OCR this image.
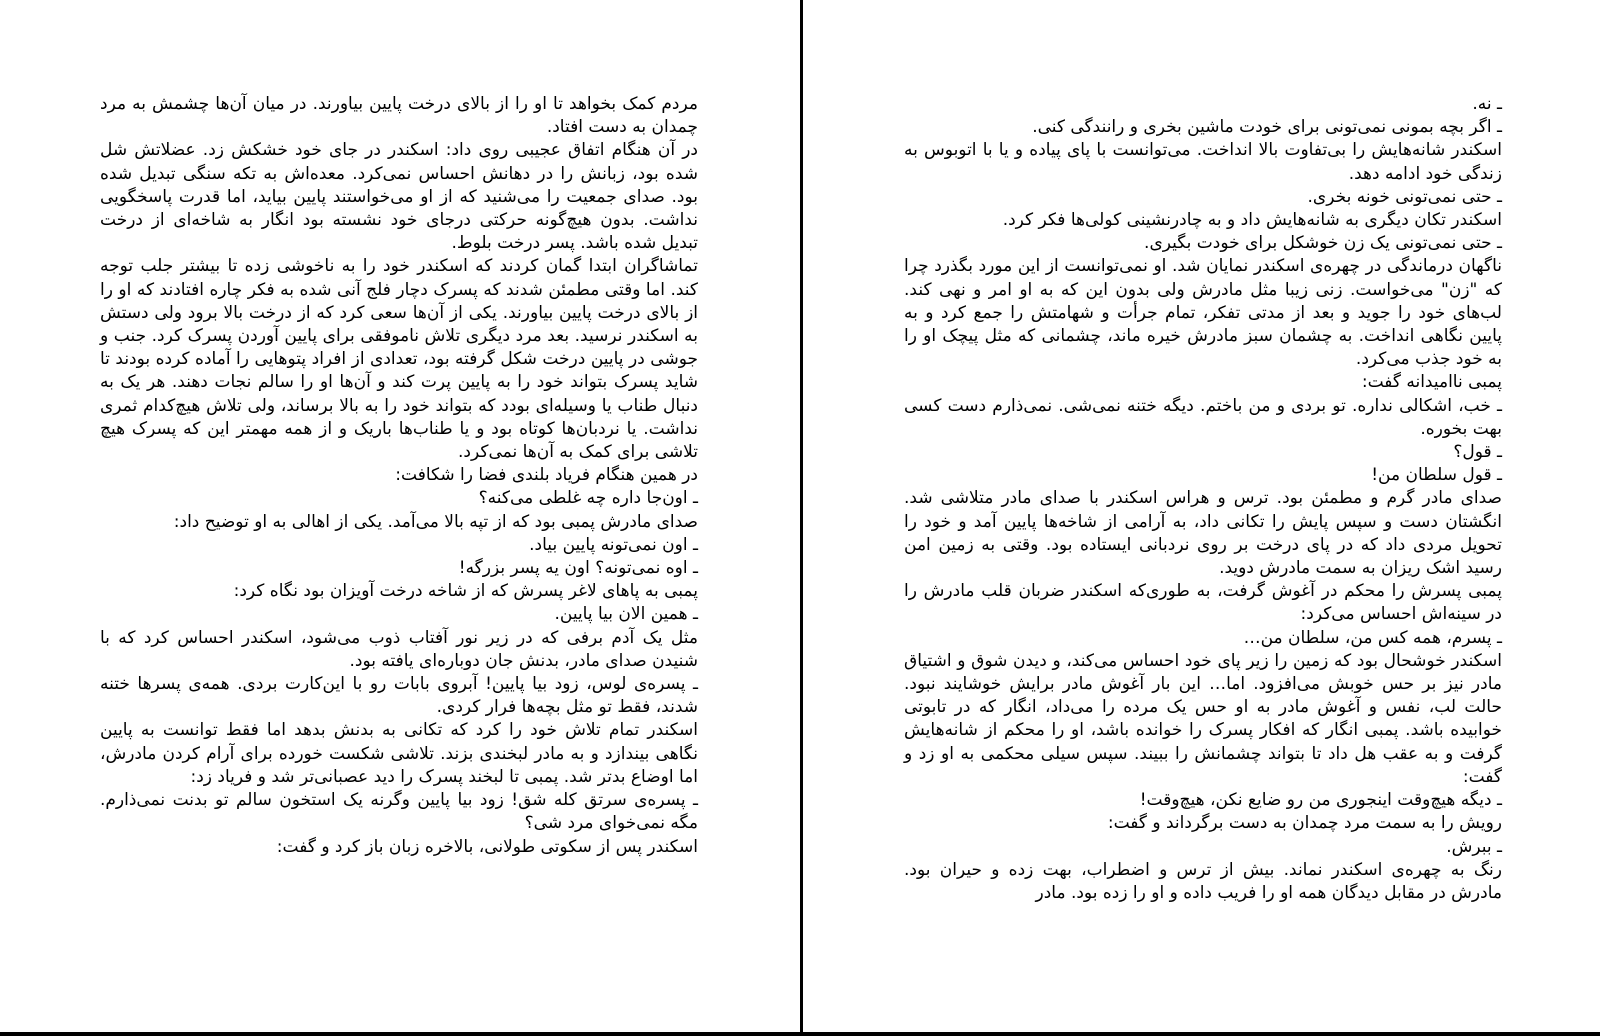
مردم کمک بخواهد تا او را از بالای درخت پایین بیاورند. در میان آن‌ها چشمش به مرد چمدان به دست افتاد.

در آن هنگام اتفاق عجیبی روی داد: اسکندر در جای خود خشکش زد. عضلاتش شل شده بود، زبانش را در دهانش احساس نمی‌کرد. معده‌اش به تکه سنگی تبدیل شده بود. صدای جمعیت را می‌شنید که از او می‌خواستند پایین بیاید، اما قدرت پاسخگویی نداشت. بدون هیچ‌گونه حرکتی درجای خود نشسته بود انگار به شاخه‌ای از درخت تبدیل شده باشد. پسر درخت بلوط.

تماشاگران ابتدا گمان کردند که اسکندر خود را به ناخوشی زده تا بیشتر جلب توجه کند. اما وقتی مطمئن شدند که پسرک دچار فلج آنی شده به فکر چاره افتادند که او را از بالای درخت پایین بیاورند. یکی از آن‌ها سعی کرد که از درخت بالا برود ولی دستش به اسکندر نرسید. بعد مرد دیگری تلاش ناموفقی برای پایین آوردن پسرک کرد. جنب و جوشی در پایین درخت شکل گرفته بود، تعدادی از افراد پتوهایی را آماده کرده بودند تا شاید پسرک بتواند خود را به پایین پرت کند و آن‌ها او را سالم نجات دهند. هر یک به دنبال طناب یا وسیله‌ای بودد که بتواند خود را به بالا برساند، ولی تلاش هیچ‌کدام ثمری نداشت. یا نردبان‌ها کوتاه بود و یا طناب‌ها باریک و از همه مهمتر این که پسرک هیچ تلاشی برای کمک به آن‌ها نمی‌کرد.

در همین هنگام فریاد بلندی فضا را شکافت:

ـ اون‌جا داره چه غلطی می‌کنه؟

صدای مادرش پمبی بود که از تپه بالا می‌آمد. یکی از اهالی به او توضیح داد:

ـ اون نمی‌تونه پایین بیاد.

ـ اوه نمی‌تونه؟ اون یه پسر بزرگه!

پمبی به پاهای لاغر پسرش که از شاخه درخت آویزان بود نگاه کرد:

ـ همین الان بیا پایین.

مثل یک آدم برفی که در زیر نور آفتاب ذوب می‌شود، اسکندر احساس کرد که با شنیدن صدای مادر، بدنش جان دوباره‌ای یافته بود.

ـ پسره‌ی لوس، زود بیا پایین! آبروی بابات رو با این‌کارت بردی. همه‌ی پسرها ختنه شدند، فقط تو مثل بچه‌ها فرار کردی.

اسکندر تمام تلاش خود را کرد که تکانی به بدنش بدهد اما فقط توانست به پایین نگاهی بیندازد و به مادر لبخندی بزند. تلاشی شکست خورده برای آرام کردن مادرش، اما اوضاع بدتر شد. پمبی تا لبخند پسرک را دید عصبانی‌تر شد و فریاد زد:

ـ پسره‌ی سرتق کله شق! زود بیا پایین وگرنه یک استخون سالم تو بدنت نمی‌ذارم. مگه نمی‌خوای مرد شی؟

اسکندر پس از سکوتی طولانی، بالاخره زبان باز کرد و گفت:

ـ نه.

ـ اگر بچه بمونی نمی‌تونی برای خودت ماشین بخری و رانندگی کنی.

اسکندر شانه‌هایش را بی‌تفاوت بالا انداخت. می‌توانست با پای پیاده و یا با اتوبوس به زندگی خود ادامه دهد.

ـ حتی نمی‌تونی خونه بخری.

اسکندر تکان دیگری به شانه‌هایش داد و به چادرنشینی کولی‌ها فکر کرد.

ـ حتی نمی‌تونی یک زن خوشکل برای خودت بگیری.

ناگهان درماندگی در چهره‌ی اسکندر نمایان شد. او نمی‌توانست از این مورد بگذرد چرا که "زن" می‌خواست. زنی زیبا مثل مادرش ولی بدون این که به او امر و نهی کند. لب‌های خود را جوید و بعد از مدتی تفکر، تمام جرأت و شهامتش را جمع کرد و به پایین نگاهی انداخت. به چشمان سبز مادرش خیره ماند، چشمانی که مثل پیچک او را به خود جذب می‌کرد.

پمبی ناامیدانه گفت:

ـ خب، اشکالی نداره. تو بردی و من باختم. دیگه ختنه نمی‌شی. نمی‌ذارم دست کسی بهت بخوره.

ـ قول؟

ـ قول سلطان من!

صدای مادر گرم و مطمئن بود. ترس و هراس اسکندر با صدای مادر متلاشی شد. انگشتان دست و سپس پایش را تکانی داد، به آرامی از شاخه‌ها پایین آمد و خود را تحویل مردی داد که در پای درخت بر روی نردبانی ایستاده بود. وقتی به زمین امن رسید اشک ریزان به سمت مادرش دوید.

پمبی پسرش را محکم در آغوش گرفت، به طوری‌که اسکندر ضربان قلب مادرش را در سینه‌اش احساس می‌کرد:

ـ پسرم، همه کس من، سلطان من…

اسکندر خوشحال بود که زمین را زیر پای خود احساس می‌کند، و دیدن شوق و اشتیاق مادر نیز بر حس خوبش می‌افزود. اما… این بار آغوش مادر برایش خوشایند نبود. حالت لب، نفس و آغوش مادر به او حس یک مرده را می‌داد، انگار که در تابوتی خوابیده باشد. پمبی انگار که افکار پسرک را خوانده باشد، او را محکم از شانه‌هایش گرفت و به عقب هل داد تا بتواند چشمانش را ببیند. سپس سیلی محکمی به او زد و گفت:

ـ دیگه هیچ‌وقت اینجوری من رو ضایع نکن، هیچ‌وقت!

رویش را به سمت مرد چمدان به دست برگرداند و گفت:

ـ ببرش.

رنگ به چهره‌ی اسکندر نماند. بیش از ترس و اضطراب، بهت زده و حیران بود. مادرش در مقابل دیدگان همه او را فریب داده و او را زده بود. مادر
